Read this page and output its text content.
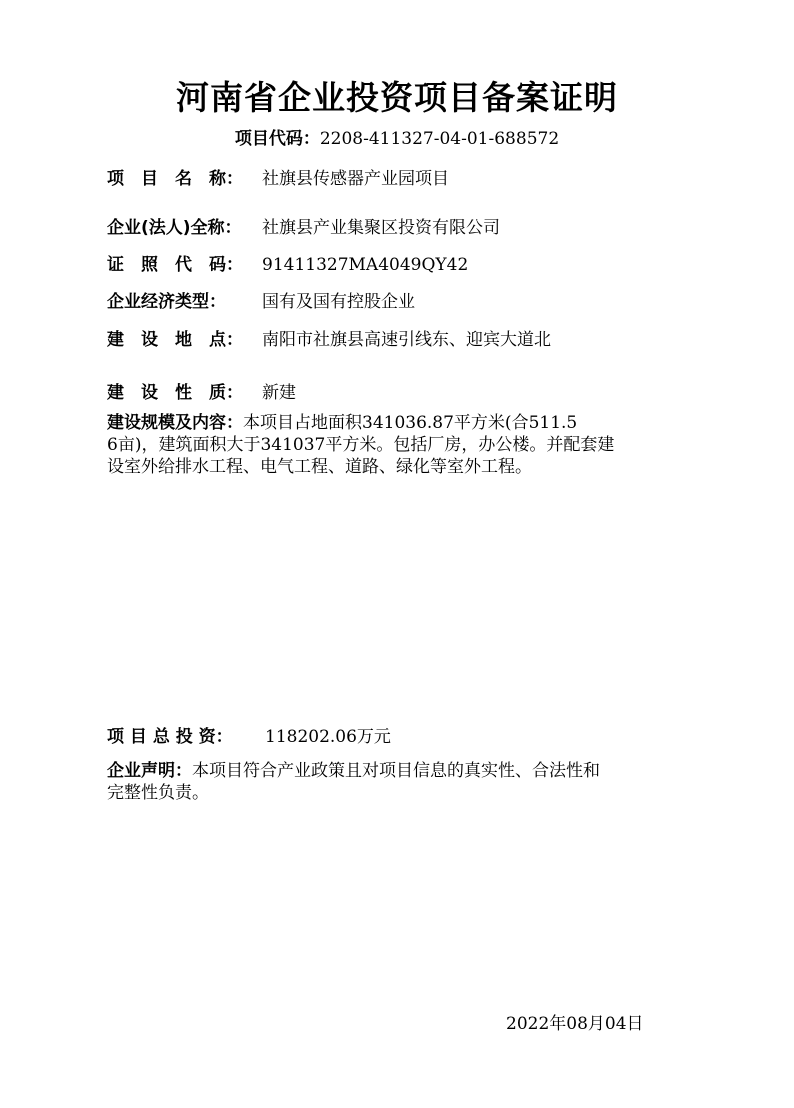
河南省企业投资项目备案证明
项目代码：2208-411327-04-01-688572
项　目　名　称： 社旗县传感器产业园项目
企业(法人)全称： 社旗县产业集聚区投资有限公司
证　照　代　码： 91411327MA4049QY42
企业经济类型： 国有及国有控股企业
建　设　地　点： 南阳市社旗县高速引线东、迎宾大道北
建　设　性　质： 新建
建设规模及内容：本项目占地面积341036.87平方米(合511.5
6亩)，建筑面积大于341037平方米。包括厂房，办公楼。并配套建
设室外给排水工程、电气工程、道路、绿化等室外工程。
项 目 总 投 资： 118202.06万元
企业声明：本项目符合产业政策且对项目信息的真实性、合法性和
完整性负责。
2022年08月04日
